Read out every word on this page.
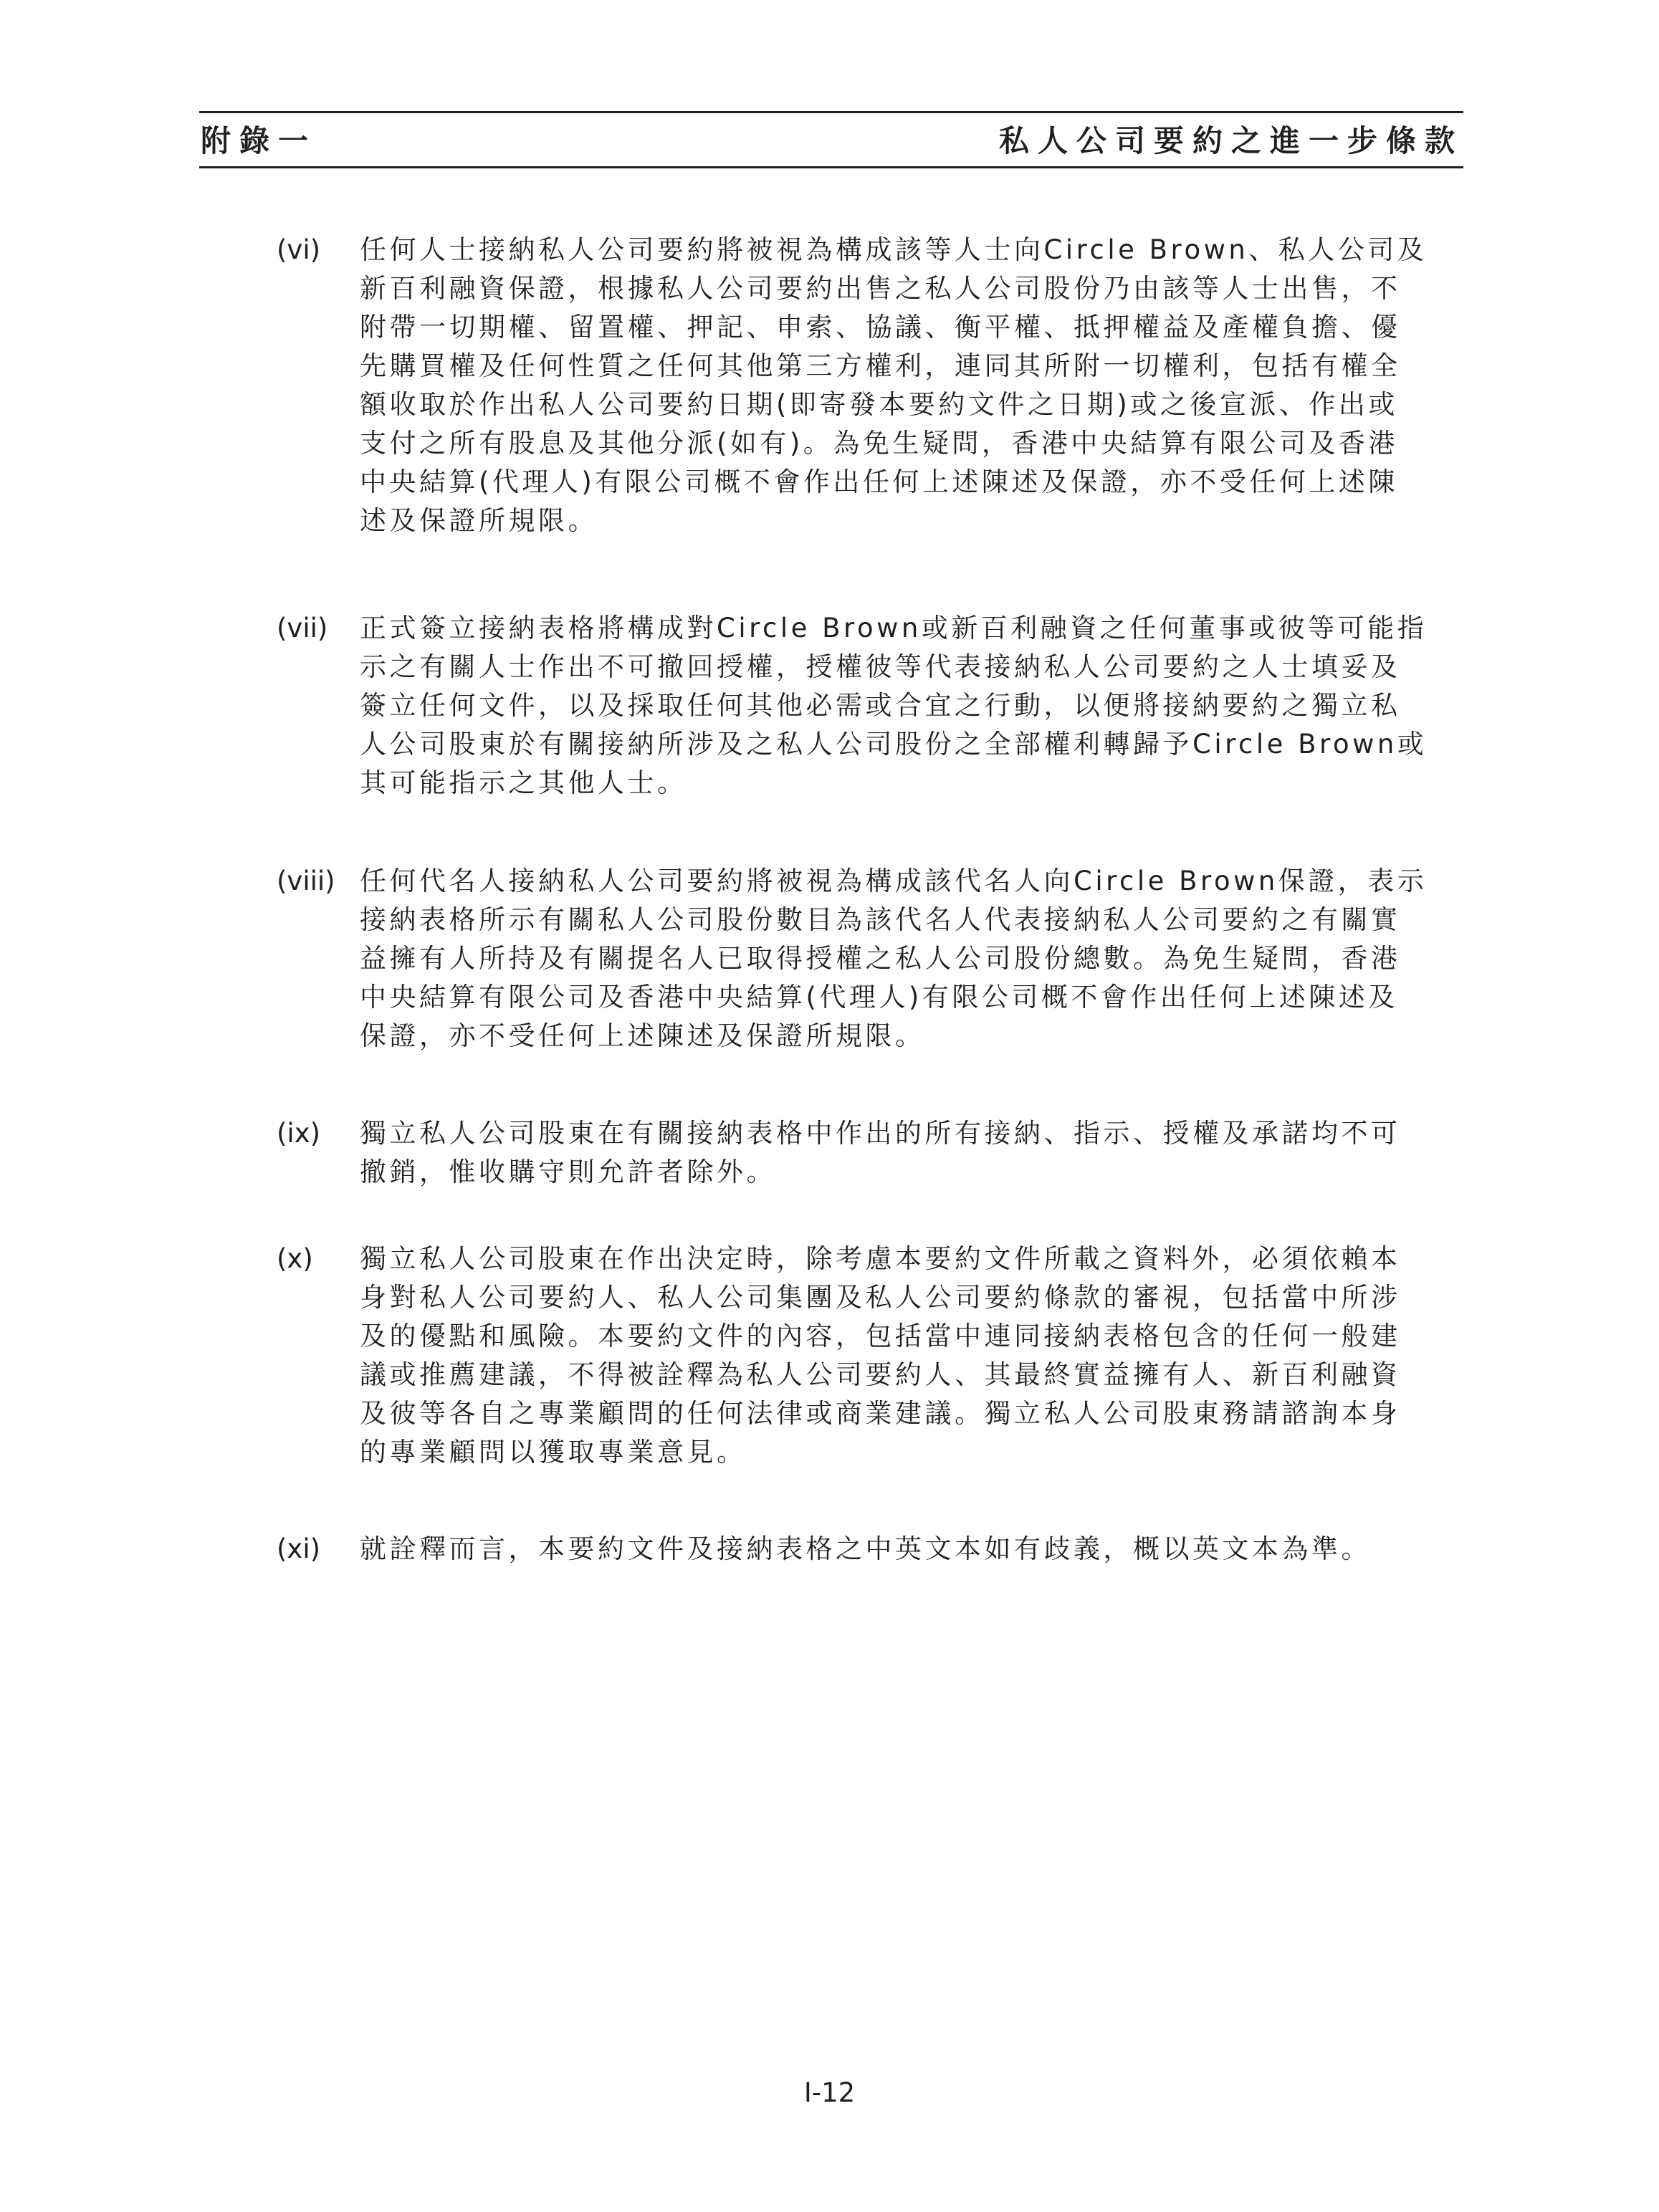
附錄一	私人公司要約之進一步條款
(vi) 任何人士接納私人公司要約將被視為構成該等人士向Circle Brown、私人公司及
新百利融資保證，根據私人公司要約出售之私人公司股份乃由該等人士出售，不
附帶一切期權、留置權、押記、申索、協議、衡平權、抵押權益及產權負擔、優
先購買權及任何性質之任何其他第三方權利，連同其所附一切權利，包括有權全
額收取於作出私人公司要約日期(即寄發本要約文件之日期)或之後宣派、作出或
支付之所有股息及其他分派(如有)。為免生疑問，香港中央結算有限公司及香港
中央結算(代理人)有限公司概不會作出任何上述陳述及保證，亦不受任何上述陳
述及保證所規限。
(vii) 正式簽立接納表格將構成對Circle Brown或新百利融資之任何董事或彼等可能指
示之有關人士作出不可撤回授權，授權彼等代表接納私人公司要約之人士填妥及
簽立任何文件，以及採取任何其他必需或合宜之行動，以便將接納要約之獨立私
人公司股東於有關接納所涉及之私人公司股份之全部權利轉歸予Circle Brown或
其可能指示之其他人士。
(viii) 任何代名人接納私人公司要約將被視為構成該代名人向Circle Brown保證，表示
接納表格所示有關私人公司股份數目為該代名人代表接納私人公司要約之有關實
益擁有人所持及有關提名人已取得授權之私人公司股份總數。為免生疑問，香港
中央結算有限公司及香港中央結算(代理人)有限公司概不會作出任何上述陳述及
保證，亦不受任何上述陳述及保證所規限。
(ix) 獨立私人公司股東在有關接納表格中作出的所有接納、指示、授權及承諾均不可
撤銷，惟收購守則允許者除外。
(x) 獨立私人公司股東在作出決定時，除考慮本要約文件所載之資料外，必須依賴本
身對私人公司要約人、私人公司集團及私人公司要約條款的審視，包括當中所涉
及的優點和風險。本要約文件的內容，包括當中連同接納表格包含的任何一般建
議或推薦建議，不得被詮釋為私人公司要約人、其最終實益擁有人、新百利融資
及彼等各自之專業顧問的任何法律或商業建議。獨立私人公司股東務請諮詢本身
的專業顧問以獲取專業意見。
(xi) 就詮釋而言，本要約文件及接納表格之中英文本如有歧義，概以英文本為準。
I-12
